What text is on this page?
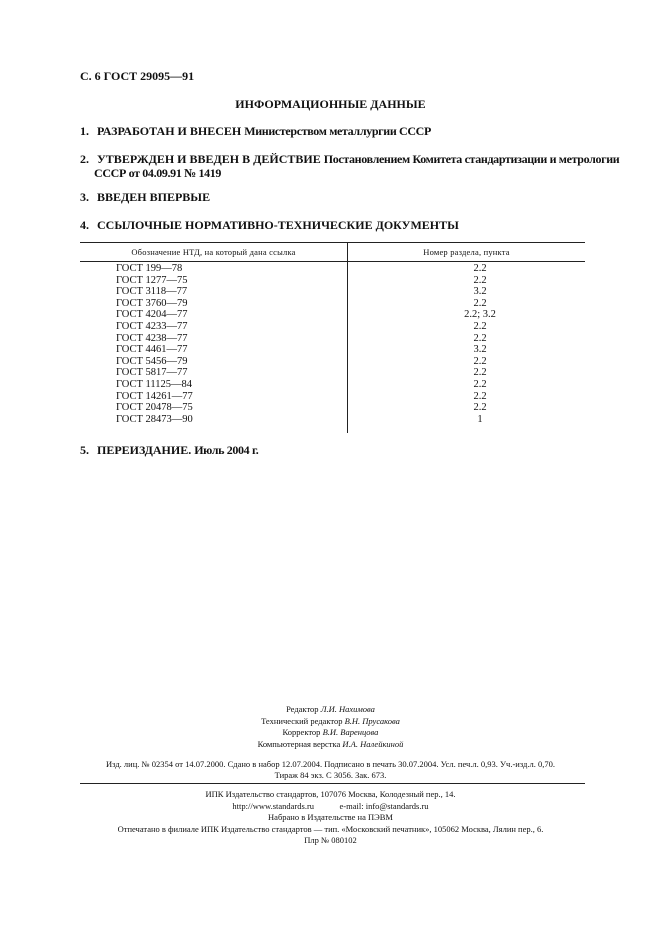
С. 6 ГОСТ 29095—91
ИНФОРМАЦИОННЫЕ ДАННЫЕ
1. РАЗРАБОТАН И ВНЕСЕН Министерством металлургии СССР
2. УТВЕРЖДЕН И ВВЕДЕН В ДЕЙСТВИЕ Постановлением Комитета стандартизации и метрологии
СССР от 04.09.91 № 1419
3. ВВЕДЕН ВПЕРВЫЕ
4. ССЫЛОЧНЫЕ НОРМАТИВНО-ТЕХНИЧЕСКИЕ ДОКУМЕНТЫ
Обозначение НТД, на который дана ссылка	Номер раздела, пункта
ГОСТ 199—78
ГОСТ 1277—75
ГОСТ 3118—77
ГОСТ 3760—79
ГОСТ 4204—77
ГОСТ 4233—77
ГОСТ 4238—77
ГОСТ 4461—77
ГОСТ 5456—79
ГОСТ 5817—77
ГОСТ 11125—84
ГОСТ 14261—77
ГОСТ 20478—75
ГОСТ 28473—90
2.2
2.2
3.2
2.2
2.2; 3.2
2.2
2.2
3.2
2.2
2.2
2.2
2.2
2.2
1
5. ПЕРЕИЗДАНИЕ. Июль 2004 г.
Редактор Л.И. Нахимова
Технический редактор В.Н. Прусакова
Корректор В.И. Варенцова
Компьютерная верстка И.А. Налейкиной
Изд. лиц. № 02354 от 14.07.2000. Сдано в набор 12.07.2004. Подписано в печать 30.07.2004. Усл. печ.л. 0,93. Уч.-изд.л. 0,70.
Тираж 84 экз. С 3056. Зак. 673.
ИПК Издательство стандартов, 107076 Москва, Колодезный пер., 14.
http://www.standards.ru	e-mail: info@standards.ru
Набрано в Издательстве на ПЭВМ
Отпечатано в филиале ИПК Издательство стандартов — тип. «Московский печатник», 105062 Москва, Лялин пер., 6.
Плр № 080102
